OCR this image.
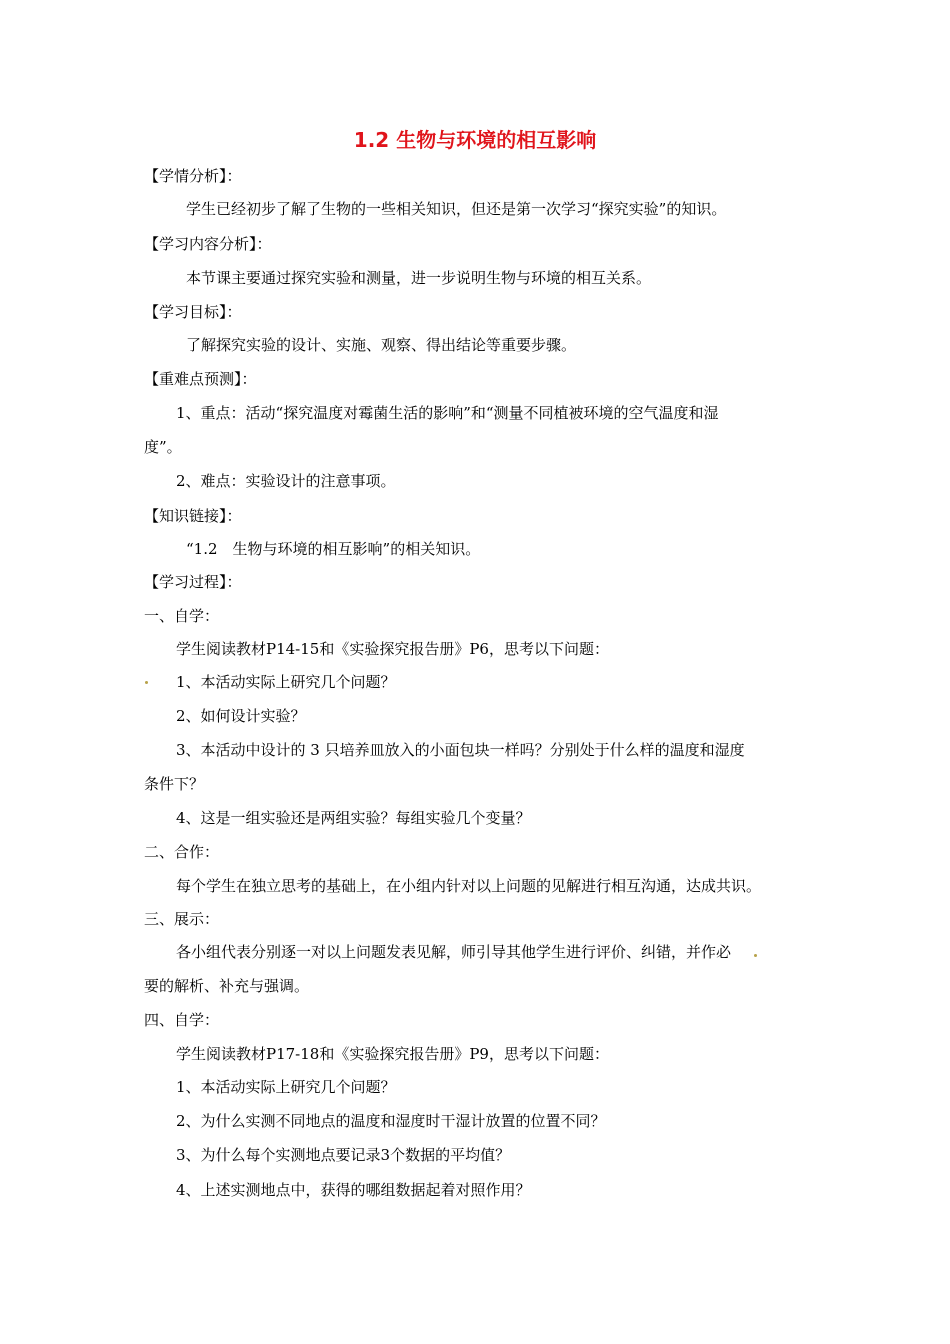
1.2 生物与环境的相互影响
【学情分析】：
学生已经初步了解了生物的一些相关知识，但还是第一次学习“探究实验”的知识。
【学习内容分析】：
本节课主要通过探究实验和测量，进一步说明生物与环境的相互关系。
【学习目标】：
了解探究实验的设计、实施、观察、得出结论等重要步骤。
【重难点预测】：
1、重点：活动“探究温度对霉菌生活的影响”和“测量不同植被环境的空气温度和湿
度”。
2、难点：实验设计的注意事项。
【知识链接】：
“1.2　生物与环境的相互影响”的相关知识。
【学习过程】：
一、自学：
学生阅读教材P14-15和《实验探究报告册》P6，思考以下问题：
1、本活动实际上研究几个问题？
2、如何设计实验？
3、本活动中设计的 3 只培养皿放入的小面包块一样吗？分别处于什么样的温度和湿度
条件下？
4、这是一组实验还是两组实验？每组实验几个变量？
二、合作：
每个学生在独立思考的基础上，在小组内针对以上问题的见解进行相互沟通，达成共识。
三、展示：
各小组代表分别逐一对以上问题发表见解，师引导其他学生进行评价、纠错，并作必
要的解析、补充与强调。
四、自学：
学生阅读教材P17-18和《实验探究报告册》P9，思考以下问题：
1、本活动实际上研究几个问题？
2、为什么实测不同地点的温度和湿度时干湿计放置的位置不同？
3、为什么每个实测地点要记录3个数据的平均值？
4、上述实测地点中，获得的哪组数据起着对照作用？
